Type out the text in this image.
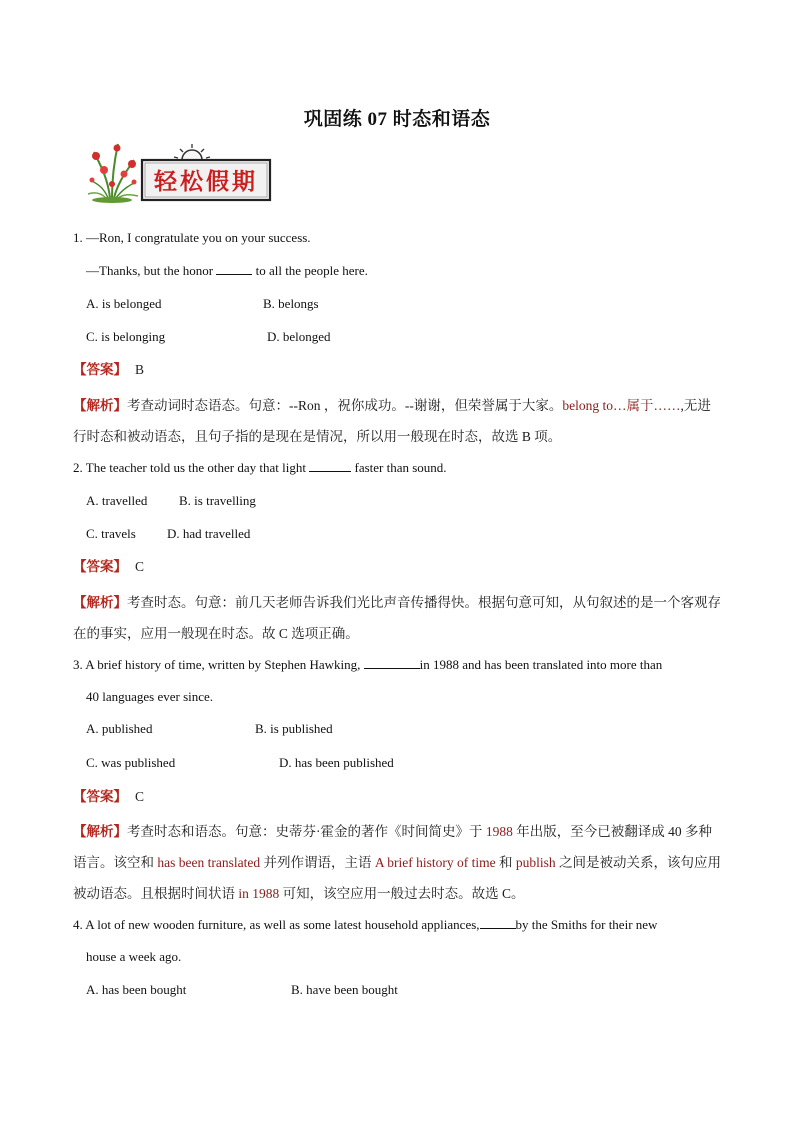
巩固练 07 时态和语态
轻松假期
1. —Ron, I congratulate you on your success.
—Thanks, but the honor	to all the people here.
A. is belonged	B. belongs
C. is belonging	D. belonged
【答案】 B
【解析】考查动词时态语态。句意：--Ron ，祝你成功。--谢谢，但荣誉属于大家。belong to…属于……,无进行时态和被动语态，且句子指的是现在是情况，所以用一般现在时态，故选 B 项。
2. The teacher told us the other day that light	faster than sound.
A. travelled B. is travelling
C. travels D. had travelled
【答案】 C
【解析】考查时态。句意：前几天老师告诉我们光比声音传播得快。根据句意可知，从句叙述的是一个客观存在的事实，应用一般现在时态。故 C 选项正确。
3. A brief history of time, written by Stephen Hawking,	in 1988 and has been translated into more than
40 languages ever since.
A. published	B. is published
C. was published	D. has been published
【答案】 C
【解析】考查时态和语态。句意：史蒂芬·霍金的著作《时间简史》于 1988 年出版，至今已被翻译成 40 多种语言。该空和 has been translated 并列作谓语，主语 A brief history of time 和 publish 之间是被动关系，该句应用被动语态。且根据时间状语 in 1988 可知，该空应用一般过去时态。故选 C。
4. A lot of new wooden furniture, as well as some latest household appliances,	by the Smiths for their new
house a week ago.
A. has been bought	B. have been bought
